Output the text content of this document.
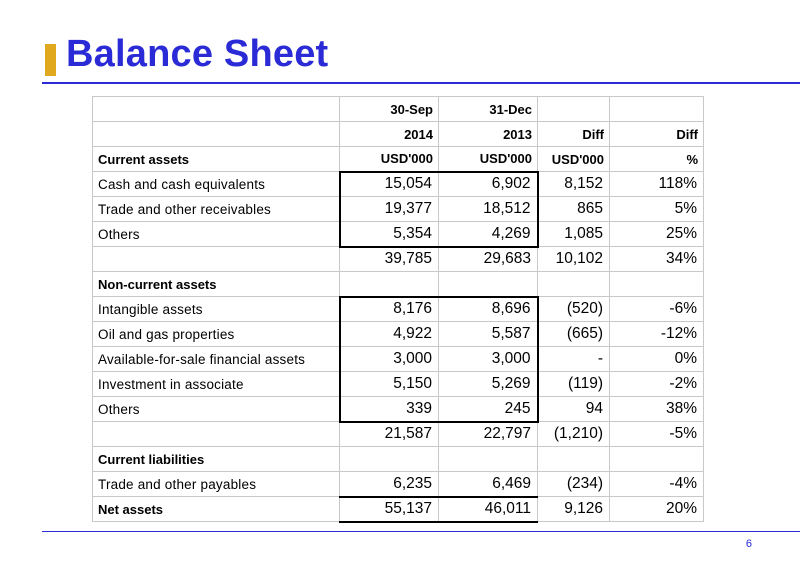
Balance Sheet
	30-Sep	31-Dec		
	2014	2013	Diff	Diff
Current assets	USD'000	USD'000	USD'000	%
Cash and cash equivalents	15,054	6,902	8,152	118%
Trade and other receivables	19,377	18,512	865	5%
Others	5,354	4,269	1,085	25%
	39,785	29,683	10,102	34%
Non-current assets				
Intangible assets	8,176	8,696	(520)	-6%
Oil and gas properties	4,922	5,587	(665)	-12%
Available-for-sale financial assets	3,000	3,000	-	0%
Investment in associate	5,150	5,269	(119)	-2%
Others	339	245	94	38%
	21,587	22,797	(1,210)	-5%
Current liabilities				
Trade and other payables	6,235	6,469	(234)	-4%
Net assets	55,137	46,011	9,126	20%
6
